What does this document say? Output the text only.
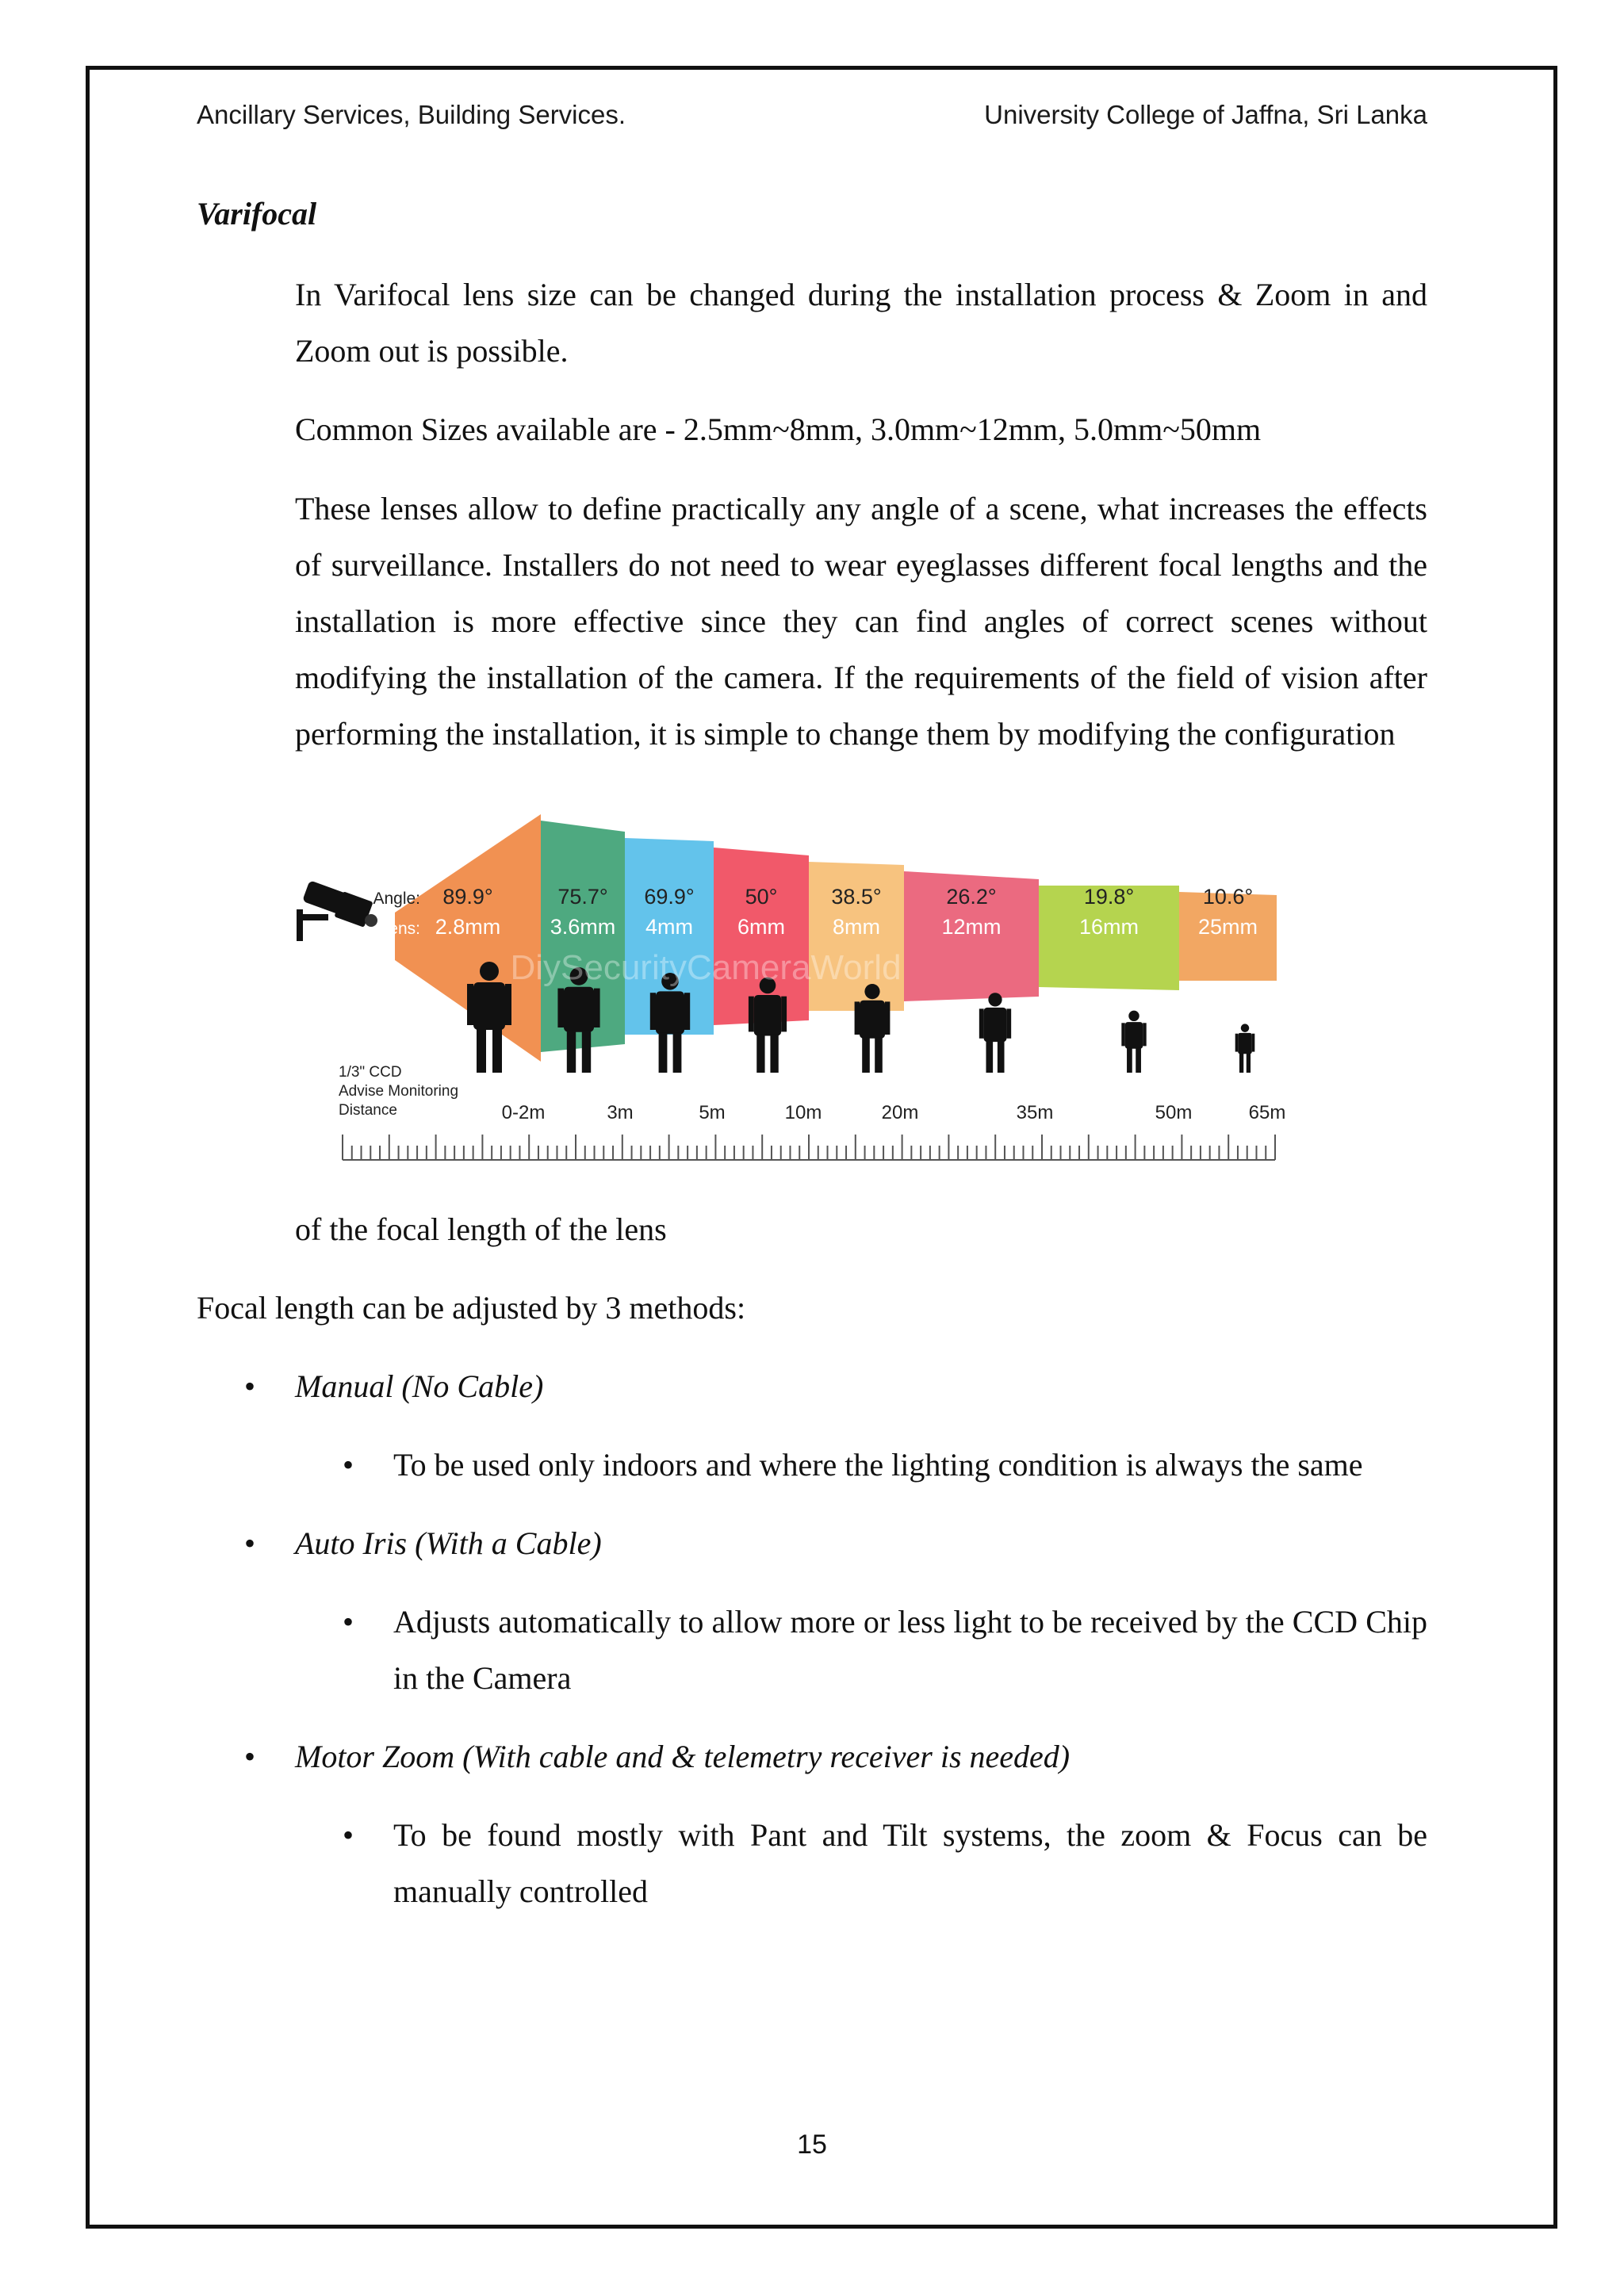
Ancillary Services, Building Services.	University College of Jaffna, Sri Lanka
Varifocal
In Varifocal lens size can be changed during the installation process & Zoom in and Zoom out is possible.
Common Sizes available are - 2.5mm~8mm, 3.0mm~12mm, 5.0mm~50mm
These lenses allow to define practically any angle of a scene, what increases the effects of surveillance. Installers do not need to wear eyeglasses different focal lengths and the installation is more effective since they can find angles of correct scenes without modifying the installation of the camera. If the requirements of the field of vision after performing the installation, it is simple to change them by modifying the configuration
89.9°
2.8mm
75.7°
3.6mm
69.9°
4mm
50°
6mm
38.5°
8mm
26.2°
12mm
19.8°
16mm
10.6°
25mm
Angle:
Lens:
DiySecurityCameraWorld
1/3" CCD
Advise Monitoring
Distance	0-2m	3m	5m	10m	20m	35m	50m	65m
of the focal length of the lens
Focal length can be adjusted by 3 methods:
• Manual (No Cable)
• To be used only indoors and where the lighting condition is always the same
• Auto Iris (With a Cable)
• Adjusts automatically to allow more or less light to be received by the CCD Chip in the Camera
• Motor Zoom (With cable and & telemetry receiver is needed)
• To be found mostly with Pant and Tilt systems, the zoom & Focus can be manually controlled
15
